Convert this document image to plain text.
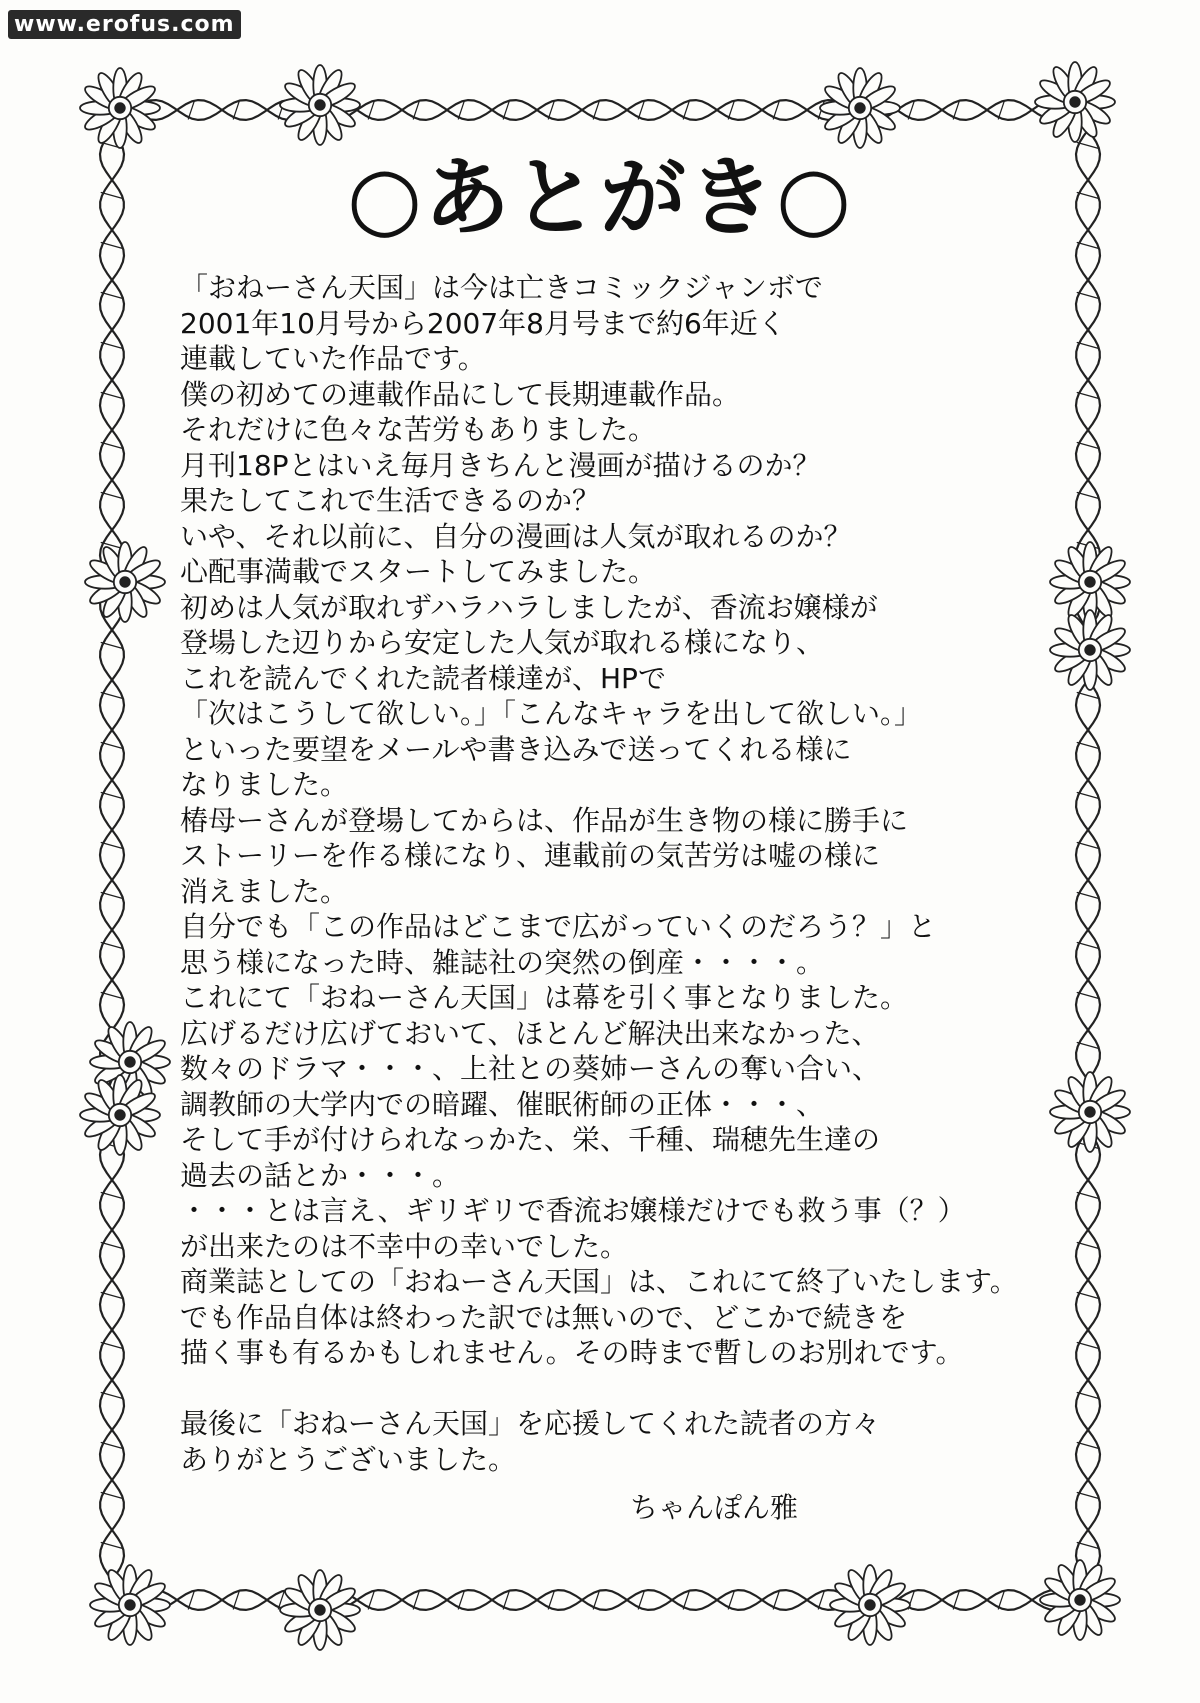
www.erofus.com
○あとがき○
「おねーさん天国」は今は亡きコミックジャンボで
2001年10月号から2007年8月号まで約6年近く
連載していた作品です。
僕の初めての連載作品にして長期連載作品。
それだけに色々な苦労もありました。
月刊18Pとはいえ毎月きちんと漫画が描けるのか？
果たしてこれで生活できるのか？
いや、それ以前に、自分の漫画は人気が取れるのか？
心配事満載でスタートしてみました。
初めは人気が取れずハラハラしましたが、香流お嬢様が
登場した辺りから安定した人気が取れる様になり、
これを読んでくれた読者様達が、HPで
「次はこうして欲しい。」「こんなキャラを出して欲しい。」
といった要望をメールや書き込みで送ってくれる様に
なりました。
椿母ーさんが登場してからは、作品が生き物の様に勝手に
ストーリーを作る様になり、連載前の気苦労は嘘の様に
消えました。
自分でも「この作品はどこまで広がっていくのだろう？」と
思う様になった時、雑誌社の突然の倒産・・・・。
これにて「おねーさん天国」は幕を引く事となりました。
広げるだけ広げておいて、ほとんど解決出来なかった、
数々のドラマ・・・、上社との葵姉ーさんの奪い合い、
調教師の大学内での暗躍、催眠術師の正体・・・、
そして手が付けられなっかた、栄、千種、瑞穂先生達の
過去の話とか・・・。
・・・とは言え、ギリギリで香流お嬢様だけでも救う事（？）
が出来たのは不幸中の幸いでした。
商業誌としての「おねーさん天国」は、これにて終了いたします。
でも作品自体は終わった訳では無いので、どこかで続きを
描く事も有るかもしれません。その時まで暫しのお別れです。
最後に「おねーさん天国」を応援してくれた読者の方々
ありがとうございました。
ちゃんぽん雅
